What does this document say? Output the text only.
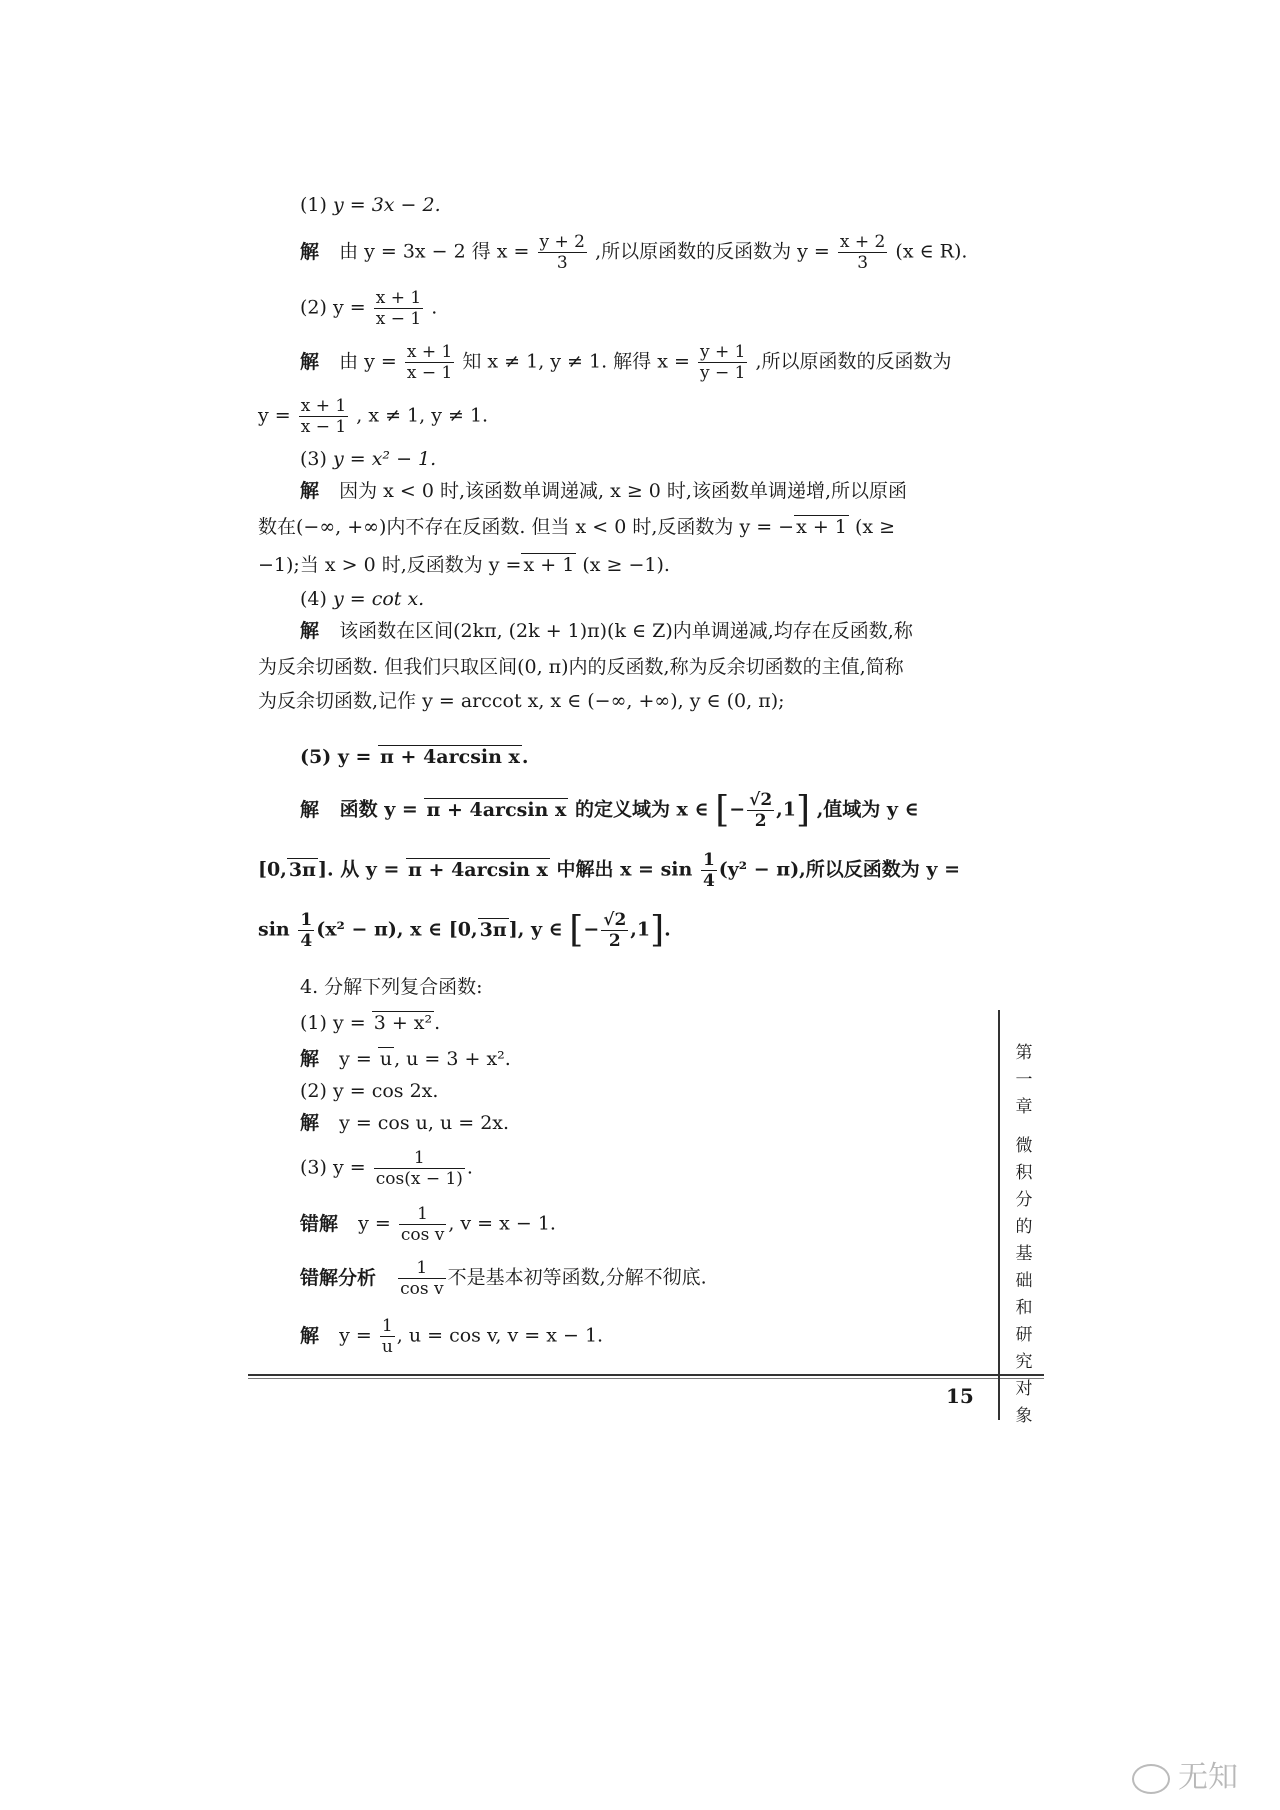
(1) y = 3x − 2.
解 由 y = 3x − 2 得 $x = \frac{y + 2}{3}$ ,所以原函数的反函数为 $y = \frac{x + 2}{3} (x$ ∈ R).
(2) $y = \frac{x + 1}{x - 1}$ .
解 由 $y = \frac{x + 1}{x - 1}$ 知 x ≠ 1, y ≠ 1. 解得 $x = \frac{y + 1}{y - 1}$ ,所以原函数的反函数为
$y = \frac{x + 1}{x - 1}$ , x ≠ 1, y ≠ 1.
(3) y = x² − 1.
解 因为 x < 0 时,该函数单调递减, x ≥ 0 时,该函数单调递增,所以原函
数在(−∞, +∞)内不存在反函数. 但当 x < 0 时,反函数为 y = − x + 1 (x ≥
−1);当 x > 0 时,反函数为 y = x + 1 (x ≥ −1).
(4) y = cot x.
解 该函数在区间(2kπ, (2k + 1)π)(k ∈ Z)内单调递减,均存在反函数,称
为反余切函数. 但我们只取区间(0, π)内的反函数,称为反余切函数的主值,简称
为反余切函数,记作 y = arccot x, x ∈ (−∞, +∞), y ∈ (0, π);
(5) y = π + 4arcsin x .
解 函数 y = π + 4arcsin x 的定义域为 x ∈ [− $\frac{√2}{2} ,1$] ,值域为 y ∈
[0, 3π ]. 从 y = π + 4arcsin x 中解出 $x = \sin \frac{1}{4} (y^2 - \pi)$,所以反函数为 y =
$\sin \frac{1}{4} (x^2 - \pi)$, x ∈ [0, 3π ], y ∈ [− $\frac{√2}{2} ,1$].
4. 分解下列复合函数:
(1) y = 3 + x² .
解 y = u , u = 3 + x².
(2) y = cos 2x.
解 y = cos u, u = 2x.
(3) $y = \frac{1}{\cos(x - 1)}$ .
错解 $y = \frac{1}{\text{cos v}}$ , v = x − 1.
错解分析 $\frac{1}{\text{cos v}}$ 不是基本初等函数,分解不彻底.
解 $y = \frac{1}{u}$ , u = cos v, v = x − 1.
第
一
章
微
积
分
的
基
础
和
研
究
对
象
15
无知
